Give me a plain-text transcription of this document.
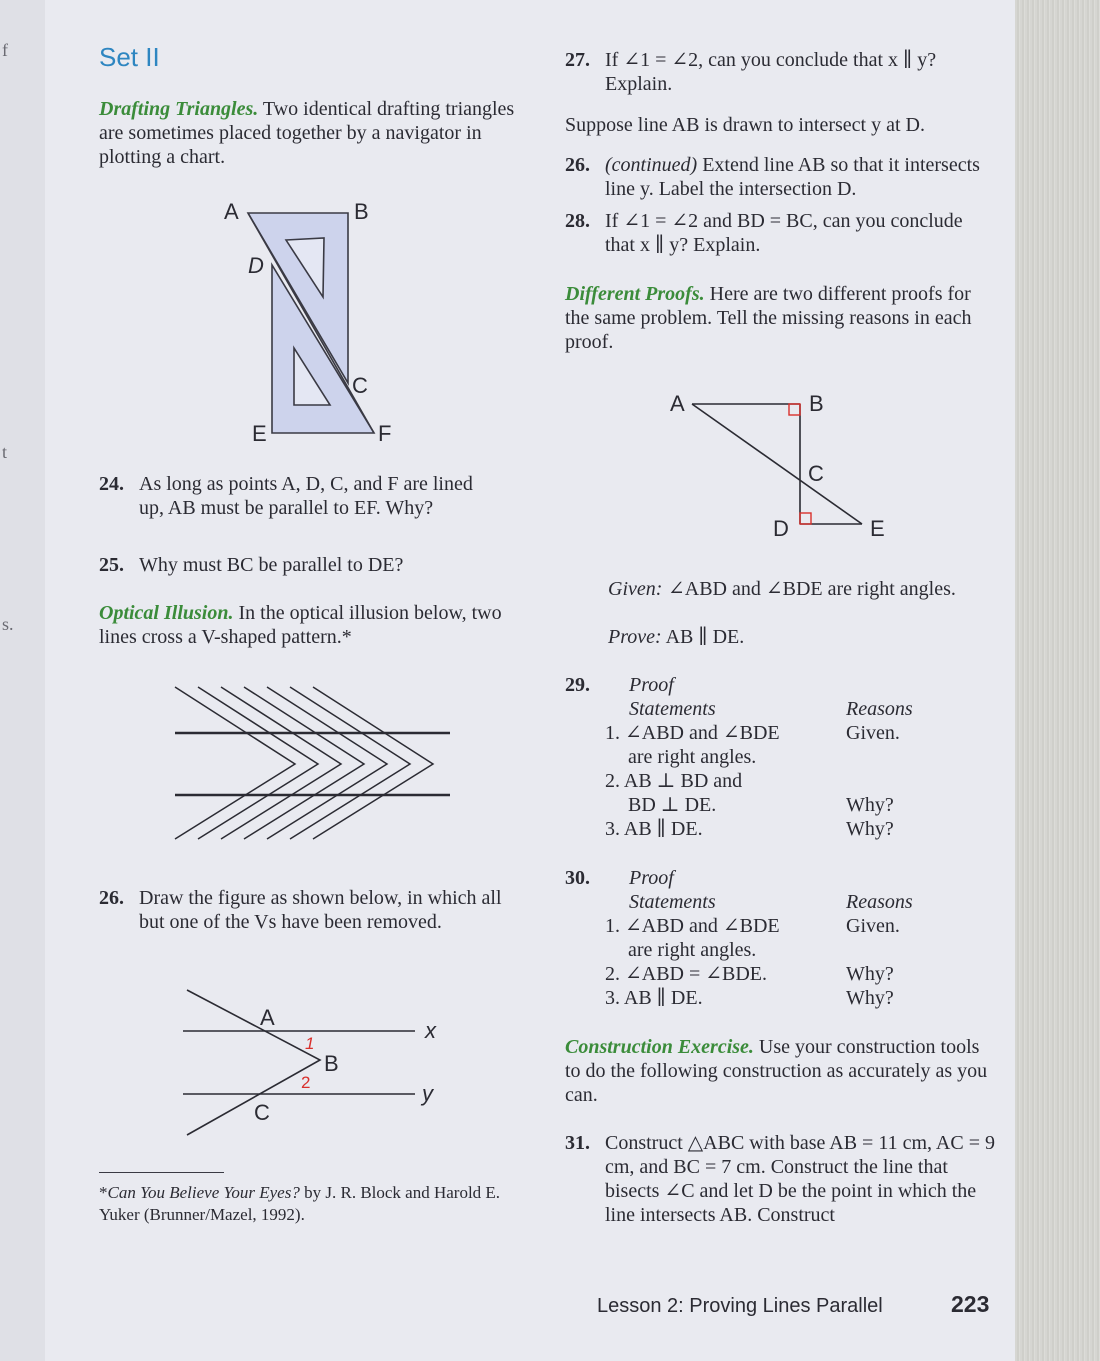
f
t
s.
Set II
Drafting Triangles. Two identical drafting triangles are sometimes placed together by a navigator in plotting a chart.
A	B
D
C
E	F
24. As long as points A, D, C, and F are lined up, AB must be parallel to EF. Why?
25. Why must BC be parallel to DE?
Optical Illusion. In the optical illusion below, two lines cross a V-shaped pattern.*
26. Draw the figure as shown below, in which all but one of the Vs have been removed.
A
B
C
x
y
1
2
*Can You Believe Your Eyes? by J. R. Block and Harold E. Yuker (Brunner/Mazel, 1992).
27. If ∠1 = ∠2, can you conclude that x ∥ y? Explain.
Suppose line AB is drawn to intersect y at D.
26. (continued) Extend line AB so that it intersects line y. Label the intersection D.
28. If ∠1 = ∠2 and BD = BC, can you conclude that x ∥ y? Explain.
Different Proofs. Here are two different proofs for the same problem. Tell the missing reasons in each proof.
A	B
C
D	E
Given: ∠ABD and ∠BDE are right angles.
Prove: AB ∥ DE.
29. Proof
Statements	Reasons
1. ∠ABD and ∠BDE	Given.
are right angles.
2. AB ⊥ BD and
BD ⊥ DE.	Why?
3. AB ∥ DE.	Why?
30. Proof
Statements	Reasons
1. ∠ABD and ∠BDE	Given.
are right angles.
2. ∠ABD = ∠BDE.	Why?
3. AB ∥ DE.	Why?
Construction Exercise. Use your construction tools to do the following construction as accurately as you can.
31. Construct △ABC with base AB = 11 cm, AC = 9 cm, and BC = 7 cm. Construct the line that bisects ∠C and let D be the point in which the line intersects AB. Construct
Lesson 2: Proving Lines Parallel	223
